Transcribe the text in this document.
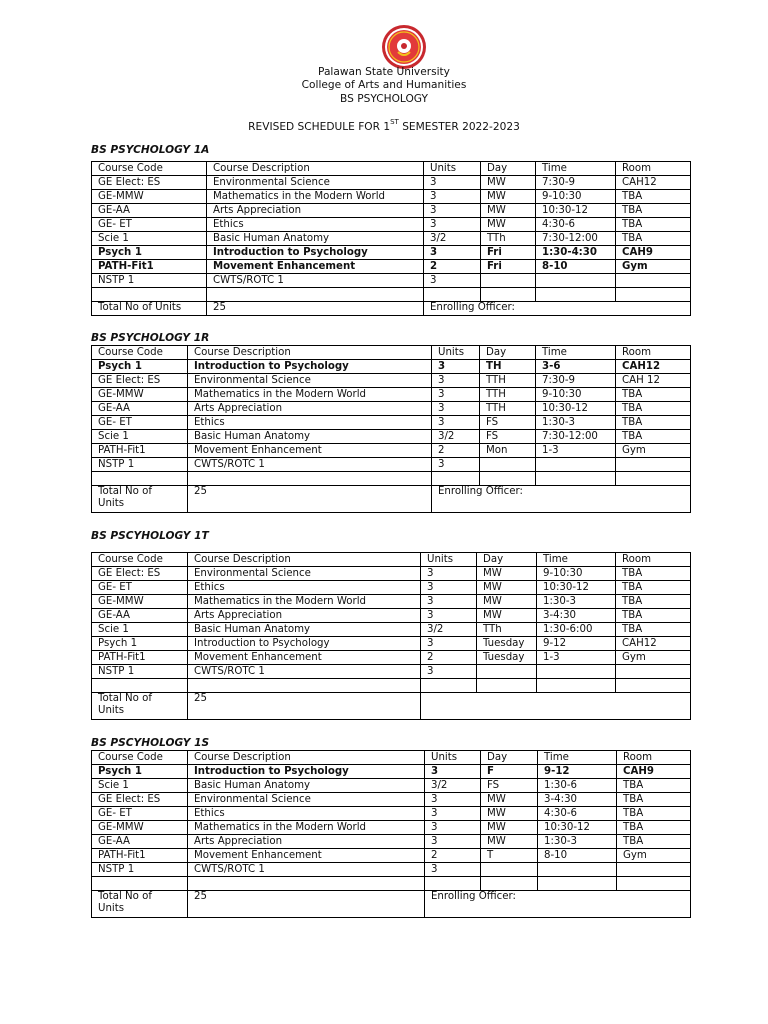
Palawan State University
College of Arts and Humanities
BS PSYCHOLOGY
REVISED SCHEDULE FOR 1ST SEMESTER 2022-2023
BS PSYCHOLOGY 1A
Course Code	Course Description	Units	Day	Time	Room
GE Elect: ES	Environmental Science	3	MW	7:30-9	CAH12
GE-MMW	Mathematics in the Modern World	3	MW	9-10:30	TBA
GE-AA	Arts Appreciation	3	MW	10:30-12	TBA
GE- ET	Ethics	3	MW	4:30-6	TBA
Scie 1	Basic Human Anatomy	3/2	TTh	7:30-12:00	TBA
Psych 1	Introduction to Psychology	3	Fri	1:30-4:30	CAH9
PATH-Fit1	Movement Enhancement	2	Fri	8-10	Gym
NSTP 1	CWTS/ROTC 1	3			

Total No of Units	25	Enrolling Officer:			
BS PSYCHOLOGY 1R
Course Code	Course Description	Units	Day	Time	Room
Psych 1	Introduction to Psychology	3	TH	3-6	CAH12
GE Elect: ES	Environmental Science	3	TTH	7:30-9	CAH 12
GE-MMW	Mathematics in the Modern World	3	TTH	9-10:30	TBA
GE-AA	Arts Appreciation	3	TTH	10:30-12	TBA
GE- ET	Ethics	3	FS	1:30-3	TBA
Scie 1	Basic Human Anatomy	3/2	FS	7:30-12:00	TBA
PATH-Fit1	Movement Enhancement	2	Mon	1-3	Gym
NSTP 1	CWTS/ROTC 1	3			

Total No of Units	25	Enrolling Officer:			
BS PSCYHOLOGY 1T
Course Code	Course Description	Units	Day	Time	Room
GE Elect: ES	Environmental Science	3	MW	9-10:30	TBA
GE- ET	Ethics	3	MW	10:30-12	TBA
GE-MMW	Mathematics in the Modern World	3	MW	1:30-3	TBA
GE-AA	Arts Appreciation	3	MW	3-4:30	TBA
Scie 1	Basic Human Anatomy	3/2	TTh	1:30-6:00	TBA
Psych 1	Introduction to Psychology	3	Tuesday	9-12	CAH12
PATH-Fit1	Movement Enhancement	2	Tuesday	1-3	Gym
NSTP 1	CWTS/ROTC 1	3			

Total No of Units	25				
BS PSCYHOLOGY 1S
Course Code	Course Description	Units	Day	Time	Room
Psych 1	Introduction to Psychology	3	F	9-12	CAH9
Scie 1	Basic Human Anatomy	3/2	FS	1:30-6	TBA
GE Elect: ES	Environmental Science	3	MW	3-4:30	TBA
GE- ET	Ethics	3	MW	4:30-6	TBA
GE-MMW	Mathematics in the Modern World	3	MW	10:30-12	TBA
GE-AA	Arts Appreciation	3	MW	1:30-3	TBA
PATH-Fit1	Movement Enhancement	2	T	8-10	Gym
NSTP 1	CWTS/ROTC 1	3			

Total No of Units	25	Enrolling Officer:			
